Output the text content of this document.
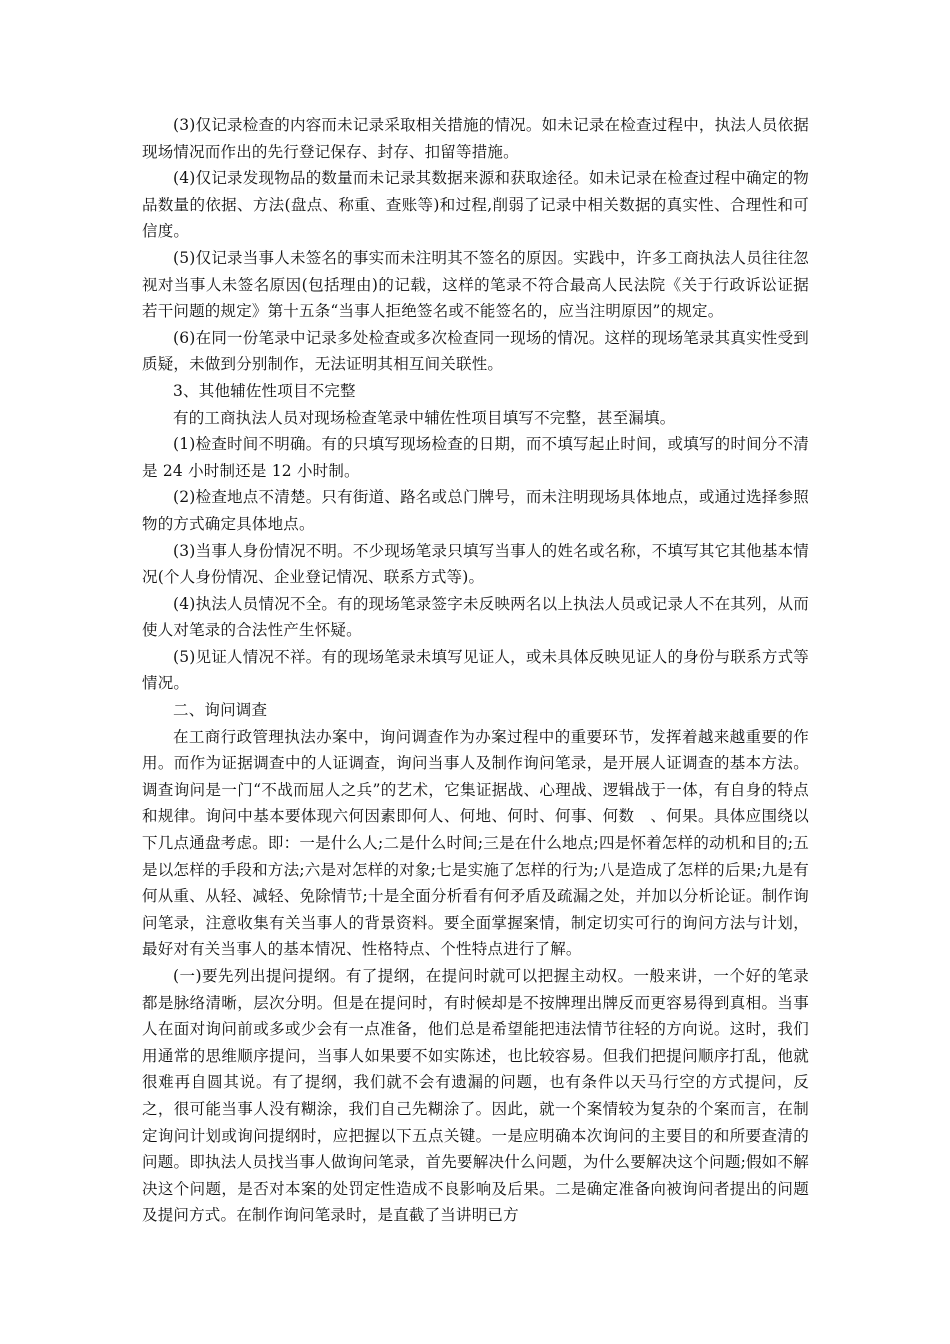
(3)仅记录检查的内容而未记录采取相关措施的情况。如未记录在检查过程中，执法人员依据现场情况而作出的先行登记保存、封存、扣留等措施。

(4)仅记录发现物品的数量而未记录其数据来源和获取途径。如未记录在检查过程中确定的物品数量的依据、方法(盘点、称重、查账等)和过程,削弱了记录中相关数据的真实性、合理性和可信度。

(5)仅记录当事人未签名的事实而未注明其不签名的原因。实践中，许多工商执法人员往往忽视对当事人未签名原因(包括理由)的记载，这样的笔录不符合最高人民法院《关于行政诉讼证据若干问题的规定》第十五条“当事人拒绝签名或不能签名的，应当注明原因”的规定。

(6)在同一份笔录中记录多处检查或多次检查同一现场的情况。这样的现场笔录其真实性受到质疑，未做到分别制作，无法证明其相互间关联性。

3、其他辅佐性项目不完整

有的工商执法人员对现场检查笔录中辅佐性项目填写不完整，甚至漏填。

(1)检查时间不明确。有的只填写现场检查的日期，而不填写起止时间，或填写的时间分不清是 24 小时制还是 12 小时制。

(2)检查地点不清楚。只有街道、路名或总门牌号，而未注明现场具体地点，或通过选择参照物的方式确定具体地点。

(3)当事人身份情况不明。不少现场笔录只填写当事人的姓名或名称，不填写其它其他基本情况(个人身份情况、企业登记情况、联系方式等)。

(4)执法人员情况不全。有的现场笔录签字未反映两名以上执法人员或记录人不在其列，从而使人对笔录的合法性产生怀疑。

(5)见证人情况不祥。有的现场笔录未填写见证人，或未具体反映见证人的身份与联系方式等情况。

二、询问调查

在工商行政管理执法办案中，询问调查作为办案过程中的重要环节，发挥着越来越重要的作用。而作为证据调查中的人证调查，询问当事人及制作询问笔录，是开展人证调查的基本方法。调查询问是一门“不战而屈人之兵”的艺术，它集证据战、心理战、逻辑战于一体，有自身的特点和规律。询问中基本要体现六何因素即何人、何地、何时、何事、何数　、何果。具体应围绕以下几点通盘考虑。即：一是什么人;二是什么时间;三是在什么地点;四是怀着怎样的动机和目的;五是以怎样的手段和方法;六是对怎样的对象;七是实施了怎样的行为;八是造成了怎样的后果;九是有何从重、从轻、减轻、免除情节;十是全面分析看有何矛盾及疏漏之处，并加以分析论证。制作询问笔录，注意收集有关当事人的背景资料。要全面掌握案情，制定切实可行的询问方法与计划，最好对有关当事人的基本情况、性格特点、个性特点进行了解。

(一)要先列出提问提纲。有了提纲，在提问时就可以把握主动权。一般来讲，一个好的笔录都是脉络清晰，层次分明。但是在提问时，有时候却是不按牌理出牌反而更容易得到真相。当事人在面对询问前或多或少会有一点准备，他们总是希望能把违法情节往轻的方向说。这时，我们用通常的思维顺序提问，当事人如果要不如实陈述，也比较容易。但我们把提问顺序打乱，他就很难再自圆其说。有了提纲，我们就不会有遗漏的问题，也有条件以天马行空的方式提问，反之，很可能当事人没有糊涂，我们自己先糊涂了。因此，就一个案情较为复杂的个案而言，在制定询问计划或询问提纲时，应把握以下五点关键。一是应明确本次询问的主要目的和所要查清的问题。即执法人员找当事人做询问笔录，首先要解决什么问题，为什么要解决这个问题;假如不解决这个问题，是否对本案的处罚定性造成不良影响及后果。二是确定准备向被询问者提出的问题及提问方式。在制作询问笔录时，是直截了当讲明已方
